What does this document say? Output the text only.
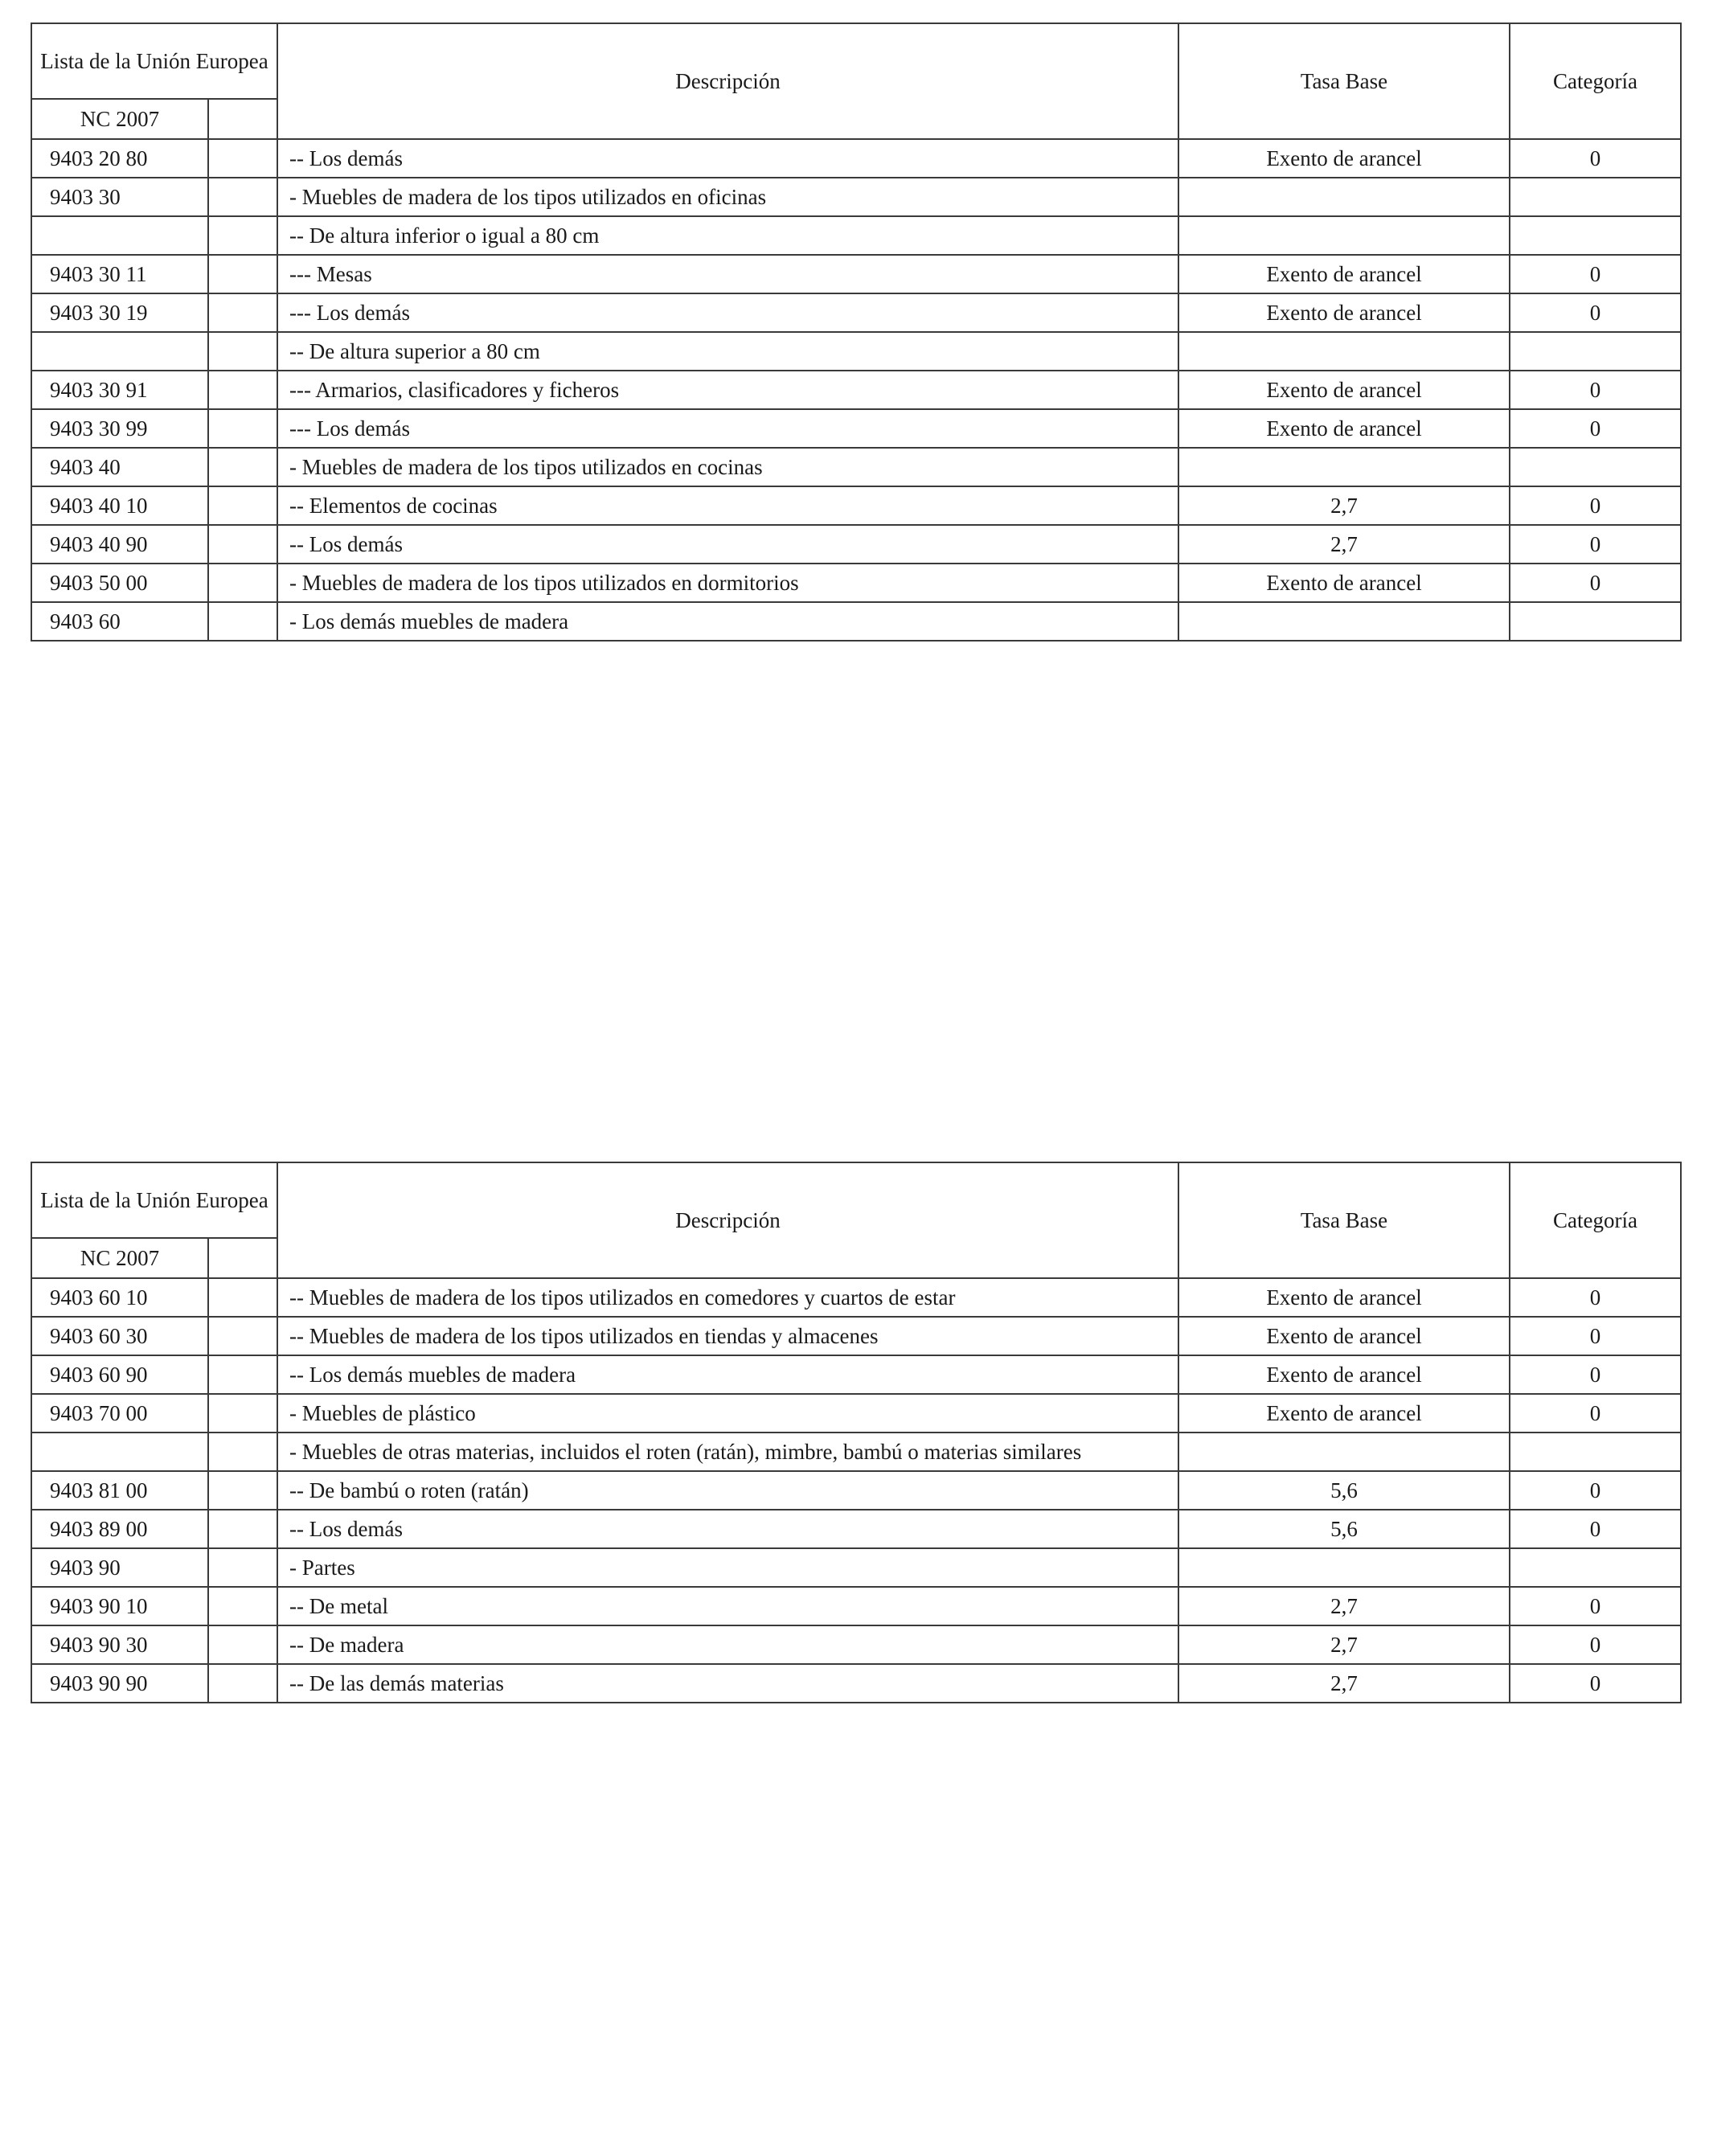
Lista de la Unión Europea		Descripción	Tasa Base	Categoría
NC 2007				
9403 20 80		-- Los demás	Exento de arancel	0
9403 30		- Muebles de madera de los tipos utilizados en oficinas		
		-- De altura inferior o igual a 80 cm		
9403 30 11		--- Mesas	Exento de arancel	0
9403 30 19		--- Los demás	Exento de arancel	0
		-- De altura superior a 80 cm		
9403 30 91		--- Armarios, clasificadores y ficheros	Exento de arancel	0
9403 30 99		--- Los demás	Exento de arancel	0
9403 40		- Muebles de madera de los tipos utilizados en cocinas		
9403 40 10		-- Elementos de cocinas	2,7	0
9403 40 90		-- Los demás	2,7	0
9403 50 00		- Muebles de madera de los tipos utilizados en dormitorios	Exento de arancel	0
9403 60		- Los demás muebles de madera		
Lista de la Unión Europea		Descripción	Tasa Base	Categoría
NC 2007				
9403 60 10		-- Muebles de madera de los tipos utilizados en comedores y cuartos de estar	Exento de arancel	0
9403 60 30		-- Muebles de madera de los tipos utilizados en tiendas y almacenes	Exento de arancel	0
9403 60 90		-- Los demás muebles de madera	Exento de arancel	0
9403 70 00		- Muebles de plástico	Exento de arancel	0
		- Muebles de otras materias, incluidos el roten (ratán), mimbre, bambú o materias similares		
9403 81 00		-- De bambú o roten (ratán)	5,6	0
9403 89 00		-- Los demás	5,6	0
9403 90		- Partes		
9403 90 10		-- De metal	2,7	0
9403 90 30		-- De madera	2,7	0
9403 90 90		-- De las demás materias	2,7	0
